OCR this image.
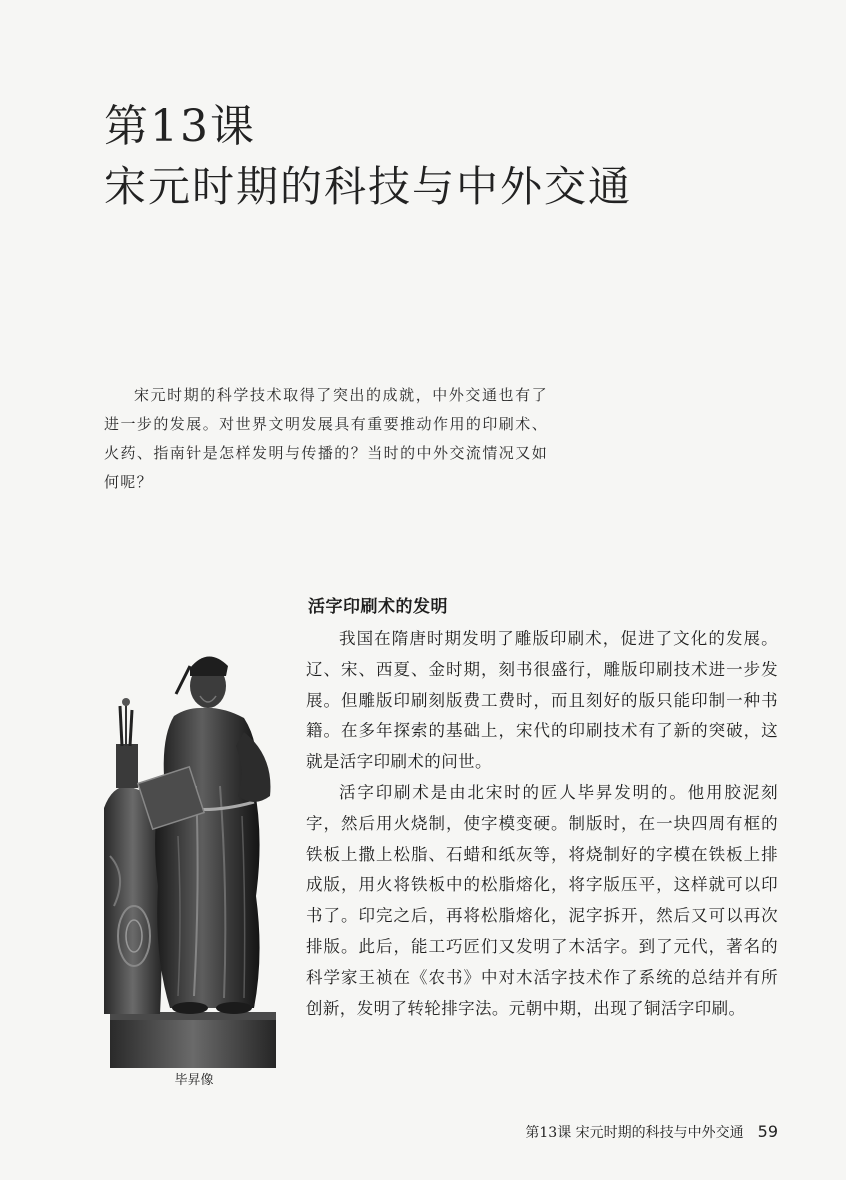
第13课
宋元时期的科技与中外交通

宋元时期的科学技术取得了突出的成就，中外交通也有了进一步的发展。对世界文明发展具有重要推动作用的印刷术、火药、指南针是怎样发明与传播的？当时的中外交流情况又如何呢？

毕昇像

活字印刷术的发明

我国在隋唐时期发明了雕版印刷术，促进了文化的发展。辽、宋、西夏、金时期，刻书很盛行，雕版印刷技术进一步发展。但雕版印刷刻版费工费时，而且刻好的版只能印制一种书籍。在多年探索的基础上，宋代的印刷技术有了新的突破，这就是活字印刷术的问世。

活字印刷术是由北宋时的匠人毕昇发明的。他用胶泥刻字，然后用火烧制，使字模变硬。制版时，在一块四周有框的铁板上撒上松脂、石蜡和纸灰等，将烧制好的字模在铁板上排成版，用火将铁板中的松脂熔化，将字版压平，这样就可以印书了。印完之后，再将松脂熔化，泥字拆开，然后又可以再次排版。此后，能工巧匠们又发明了木活字。到了元代，著名的科学家王祯在《农书》中对木活字技术作了系统的总结并有所创新，发明了转轮排字法。元朝中期，出现了铜活字印刷。

第13课 宋元时期的科技与中外交通 59
